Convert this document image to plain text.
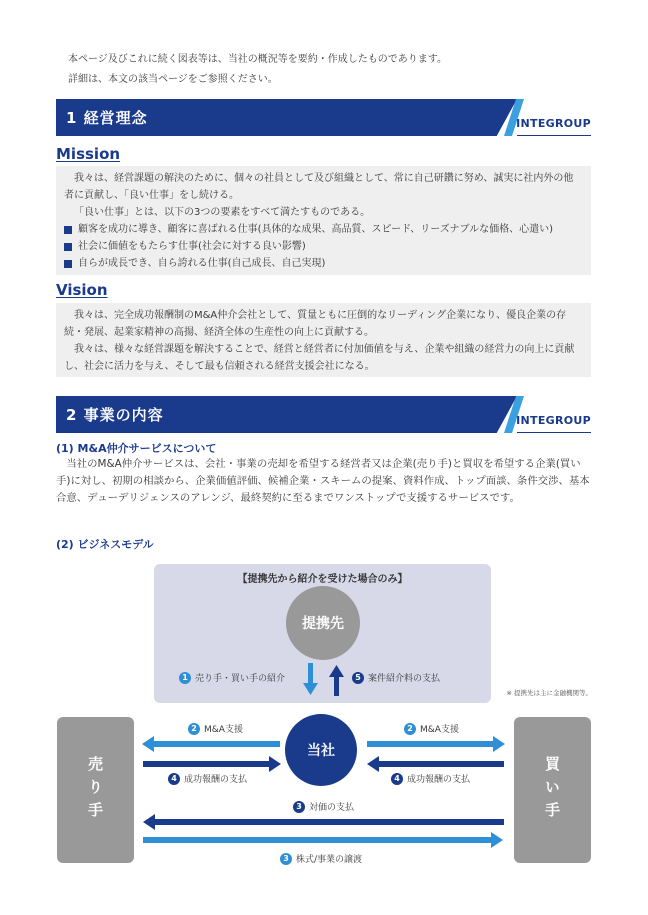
本ページ及びこれに続く図表等は、当社の概況等を要約・作成したものであります。
詳細は、本文の該当ページをご参照ください。
1 経営理念	INTEGROUP
Mission

我々は、経営課題の解決のために、個々の社員として及び組織として、常に自己研鑽に努め、誠実に社内外の他者に貢献し、「良い仕事」をし続ける。

「良い仕事」とは、以下の3つの要素をすべて満たすものである。

顧客を成功に導き、顧客に喜ばれる仕事(具体的な成果、高品質、スピード、リーズナブルな価格、心遣い)
社会に価値をもたらす仕事(社会に対する良い影響)
自らが成長でき、自ら誇れる仕事(自己成長、自己実現)
Vision

我々は、完全成功報酬制のM&A仲介会社として、質量ともに圧倒的なリーディング企業になり、優良企業の存続・発展、起業家精神の高揚、経済全体の生産性の向上に貢献する。

我々は、様々な経営課題を解決することで、経営と経営者に付加価値を与え、企業や組織の経営力の向上に貢献し、社会に活力を与え、そして最も信頼される経営支援会社になる。

2 事業の内容	INTEGROUP
(1) M&A仲介サービスについて
当社のM&A仲介サービスは、会社・事業の売却を希望する経営者又は企業(売り手)と買収を希望する企業(買い手)に対し、初期の相談から、企業価値評価、候補企業・スキームの提案、資料作成、トップ面談、条件交渉、基本合意、デューデリジェンスのアレンジ、最終契約に至るまでワンストップで支援するサービスです。
(2) ビジネスモデル
【提携先から紹介を受けた場合のみ】
提携先
当社
売り手	買い手
※ 提携先は主に金融機関等。
1 売り手・買い手の紹介	5 案件紹介料の支払
2 M&A支援	2 M&A支援
4 成功報酬の支払	4 成功報酬の支払
3 対価の支払
3 株式/事業の譲渡
